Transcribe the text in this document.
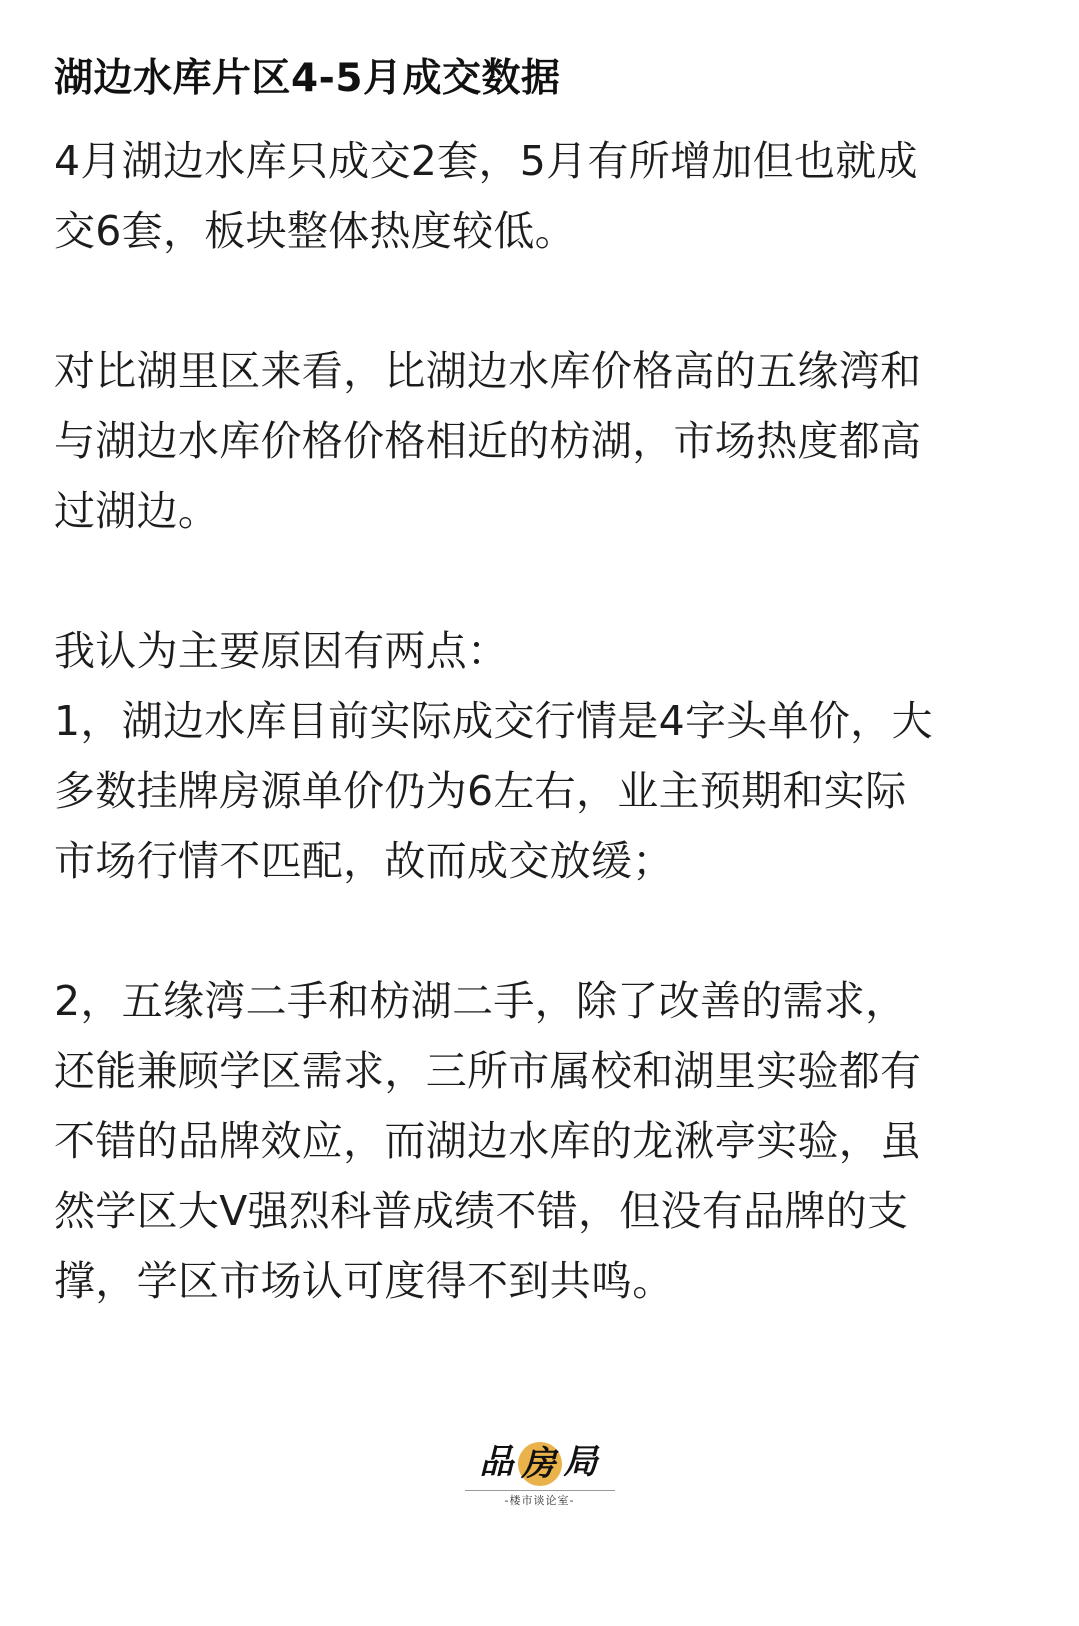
湖边水库片区4-5月成交数据
4月湖边水库只成交2套，5月有所增加但也就成
交6套，板块整体热度较低。
对比湖里区来看，比湖边水库价格高的五缘湾和
与湖边水库价格价格相近的枋湖，市场热度都高
过湖边。
我认为主要原因有两点：
1，湖边水库目前实际成交行情是4字头单价，大
多数挂牌房源单价仍为6左右，业主预期和实际
市场行情不匹配，故而成交放缓；
2，五缘湾二手和枋湖二手，除了改善的需求，
还能兼顾学区需求，三所市属校和湖里实验都有
不错的品牌效应，而湖边水库的龙湫亭实验，虽
然学区大V强烈科普成绩不错，但没有品牌的支
撑，学区市场认可度得不到共鸣。
品 房 局
-楼市谈论室-
